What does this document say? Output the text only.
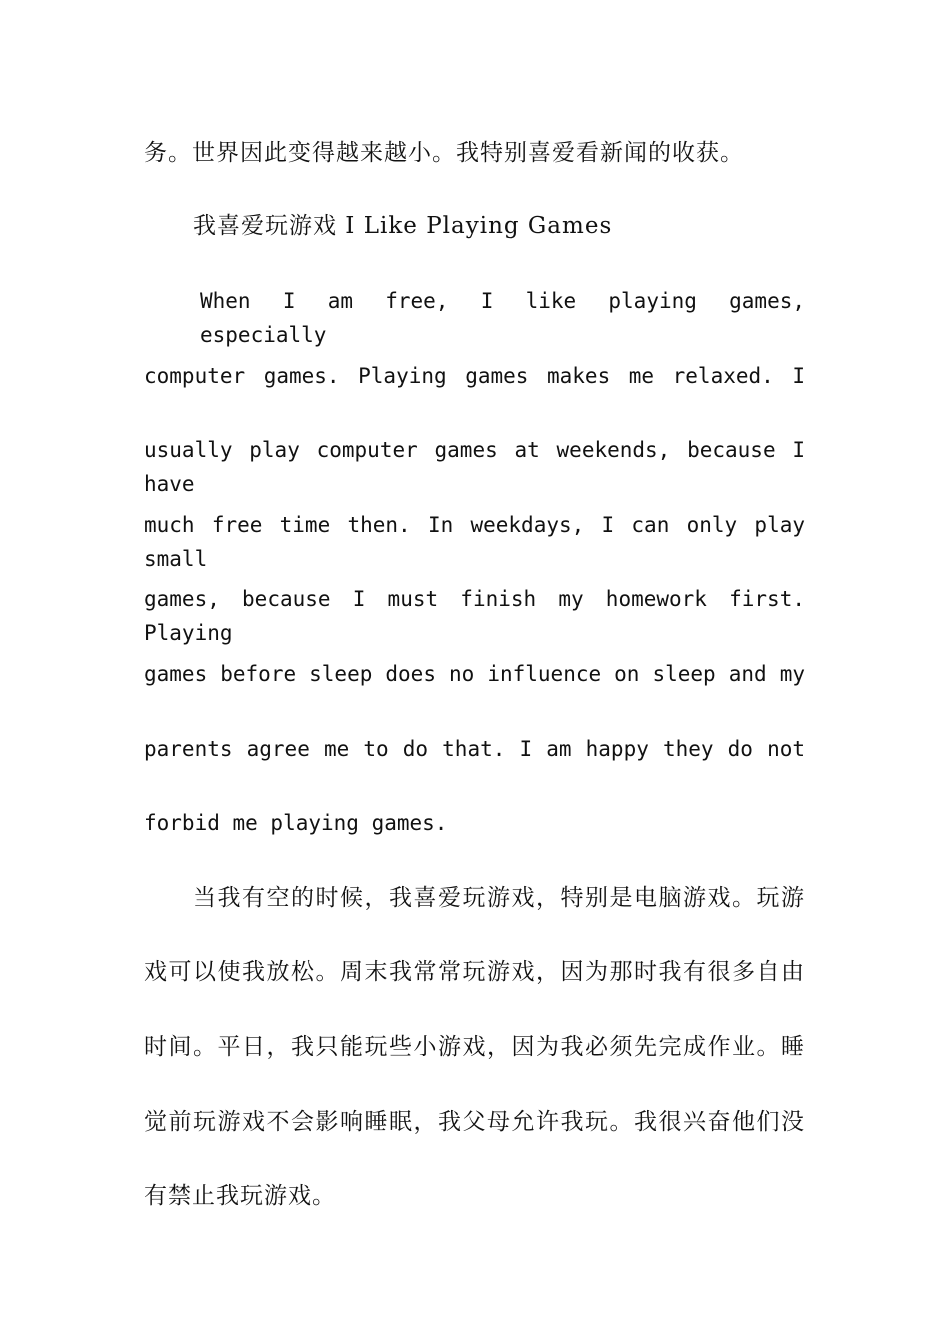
务。世界因此变得越来越小。我特别喜爱看新闻的收获。
我喜爱玩游戏 I Like Playing Games
When I am free, I like playing games, especially
computer games. Playing games makes me relaxed. I
usually play computer games at weekends, because I have
much free time then. In weekdays, I can only play small
games, because I must finish my homework first. Playing
games before sleep does no influence on sleep and my
parents agree me to do that. I am happy they do not
forbid me playing games.
当我有空的时候，我喜爱玩游戏，特别是电脑游戏。玩游
戏可以使我放松。周末我常常玩游戏，因为那时我有很多自由
时间。平日，我只能玩些小游戏，因为我必须先完成作业。睡
觉前玩游戏不会影响睡眠，我父母允许我玩。我很兴奋他们没
有禁止我玩游戏。
